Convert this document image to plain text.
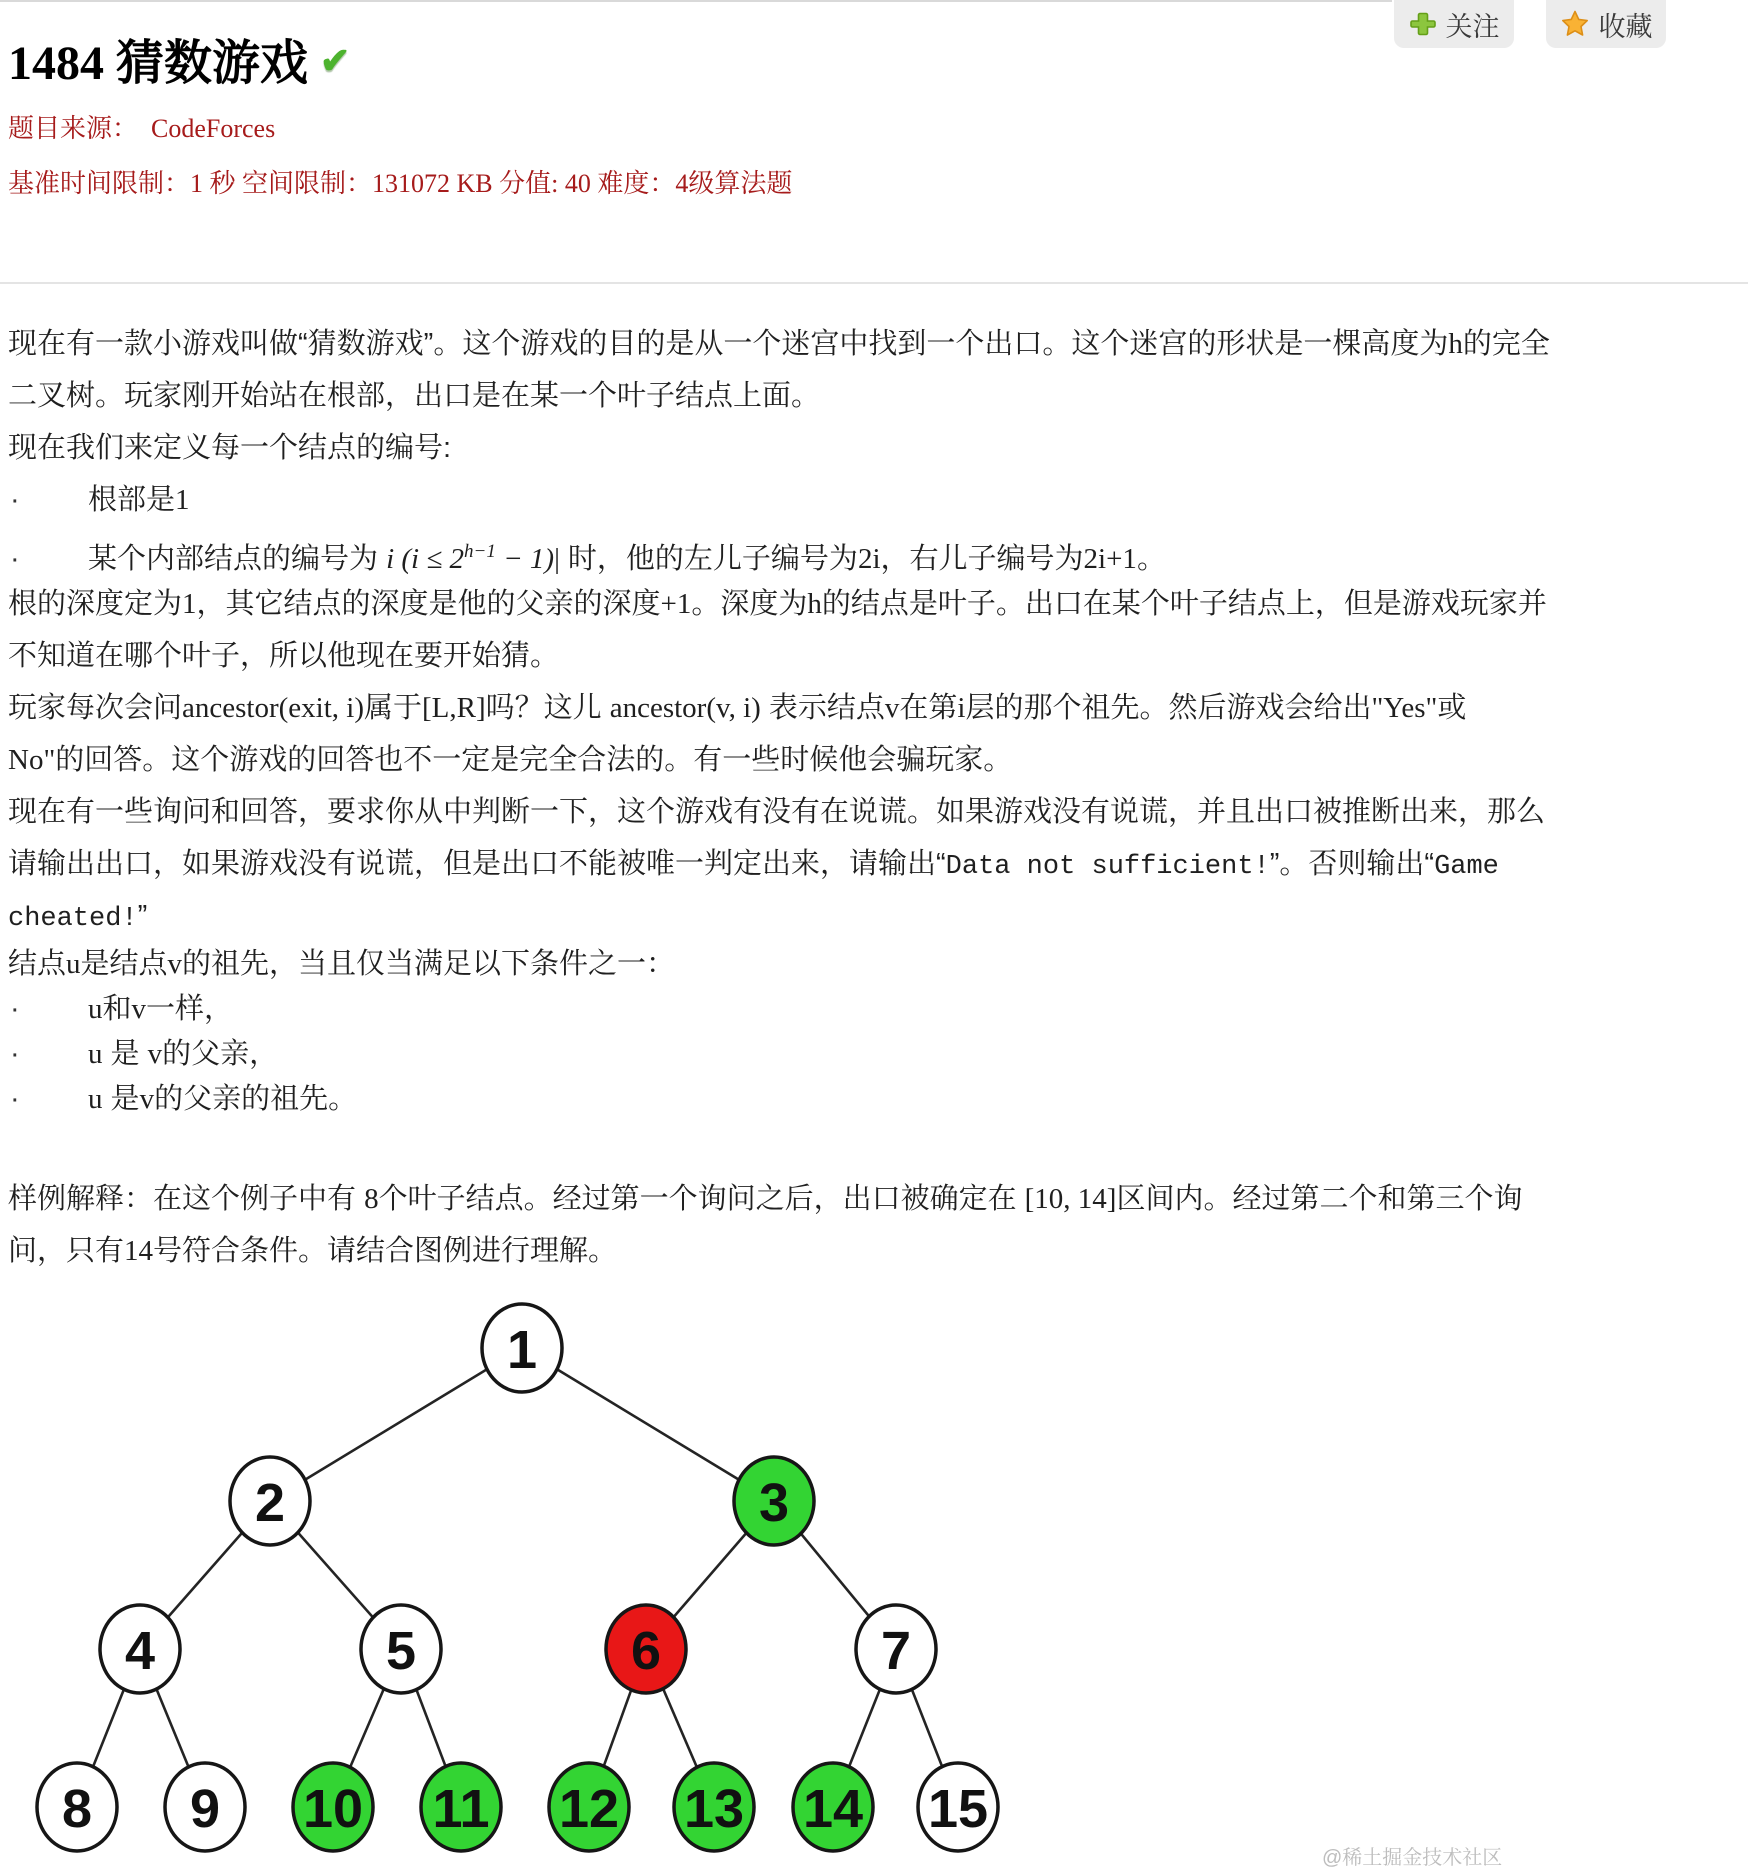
关注	收藏
1484 猜数游戏 ✔
题目来源：  CodeForces
基准时间限制：1 秒 空间限制：131072 KB 分值: 40 难度：4级算法题
现在有一款小游戏叫做“猜数游戏”。这个游戏的目的是从一个迷宫中找到一个出口。这个迷宫的形状是一棵高度为h的完全
二叉树。玩家刚开始站在根部，出口是在某一个叶子结点上面。
现在我们来定义每一个结点的编号:
· 根部是1
· 某个内部结点的编号为 i $(i \le 2^{h-1} - 1)|$ 时，他的左儿子编号为2i，右儿子编号为2i+1。
根的深度定为1，其它结点的深度是他的父亲的深度+1。深度为h的结点是叶子。出口在某个叶子结点上，但是游戏玩家并
不知道在哪个叶子，所以他现在要开始猜。
玩家每次会问ancestor(exit, i)属于[L,R]吗？这儿 ancestor(v, i) 表示结点v在第i层的那个祖先。然后游戏会给出"Yes"或
No"的回答。这个游戏的回答也不一定是完全合法的。有一些时候他会骗玩家。
现在有一些询问和回答，要求你从中判断一下，这个游戏有没有在说谎。如果游戏没有说谎，并且出口被推断出来，那么
请输出出口，如果游戏没有说谎，但是出口不能被唯一判定出来，请输出“Data not sufficient!”。否则输出“Game
cheated!”
结点u是结点v的祖先，当且仅当满足以下条件之一：
· u和v一样，
· u 是 v的父亲，
· u 是v的父亲的祖先。
样例解释：在这个例子中有 8个叶子结点。经过第一个询问之后，出口被确定在 [10, 14]区间内。经过第二个和第三个询
问，只有14号符合条件。请结合图例进行理解。
1
2	3
4	5	6	7
8 9 10 11 12 13 14 15
@稀土掘金技术社区
